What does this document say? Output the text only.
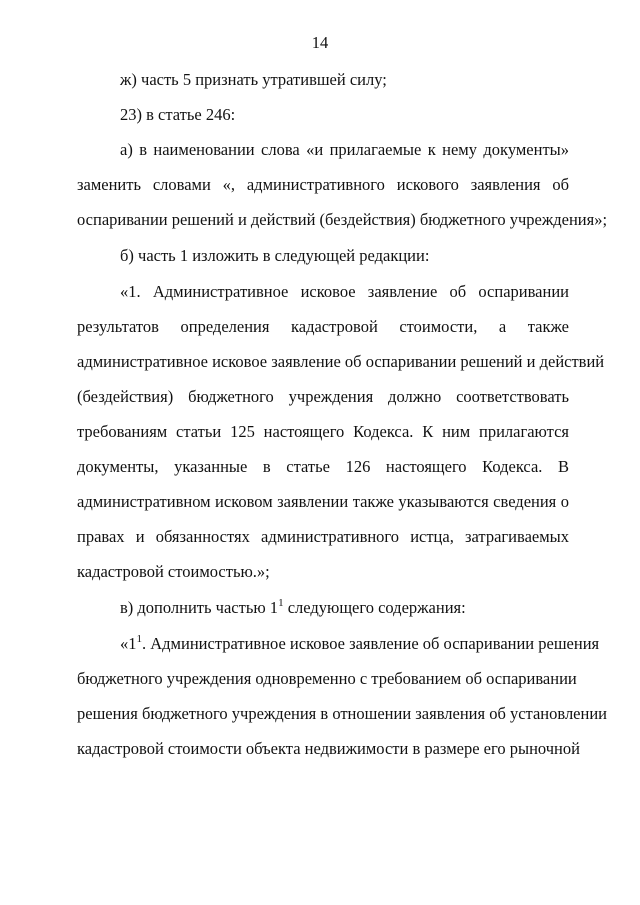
14
ж) часть 5 признать утратившей силу;
23) в статье 246:
а) в наименовании слова «и прилагаемые к нему документы»
заменить словами «, административного искового заявления об
оспаривании решений и действий (бездействия) бюджетного учреждения»;
б) часть 1 изложить в следующей редакции:
«1. Административное исковое заявление об оспаривании
результатов определения кадастровой стоимости, а также
административное исковое заявление об оспаривании решений и действий
(бездействия) бюджетного учреждения должно соответствовать
требованиям статьи 125 настоящего Кодекса. К ним прилагаются
документы, указанные в статье 126 настоящего Кодекса. В
административном исковом заявлении также указываются сведения о
правах и обязанностях административного истца, затрагиваемых
кадастровой стоимостью.»;
в) дополнить частью $1^1$ следующего содержания:
«$1^1$. Административное исковое заявление об оспаривании решения
бюджетного учреждения одновременно с требованием об оспаривании
решения бюджетного учреждения в отношении заявления об установлении
кадастровой стоимости объекта недвижимости в размере его рыночной
